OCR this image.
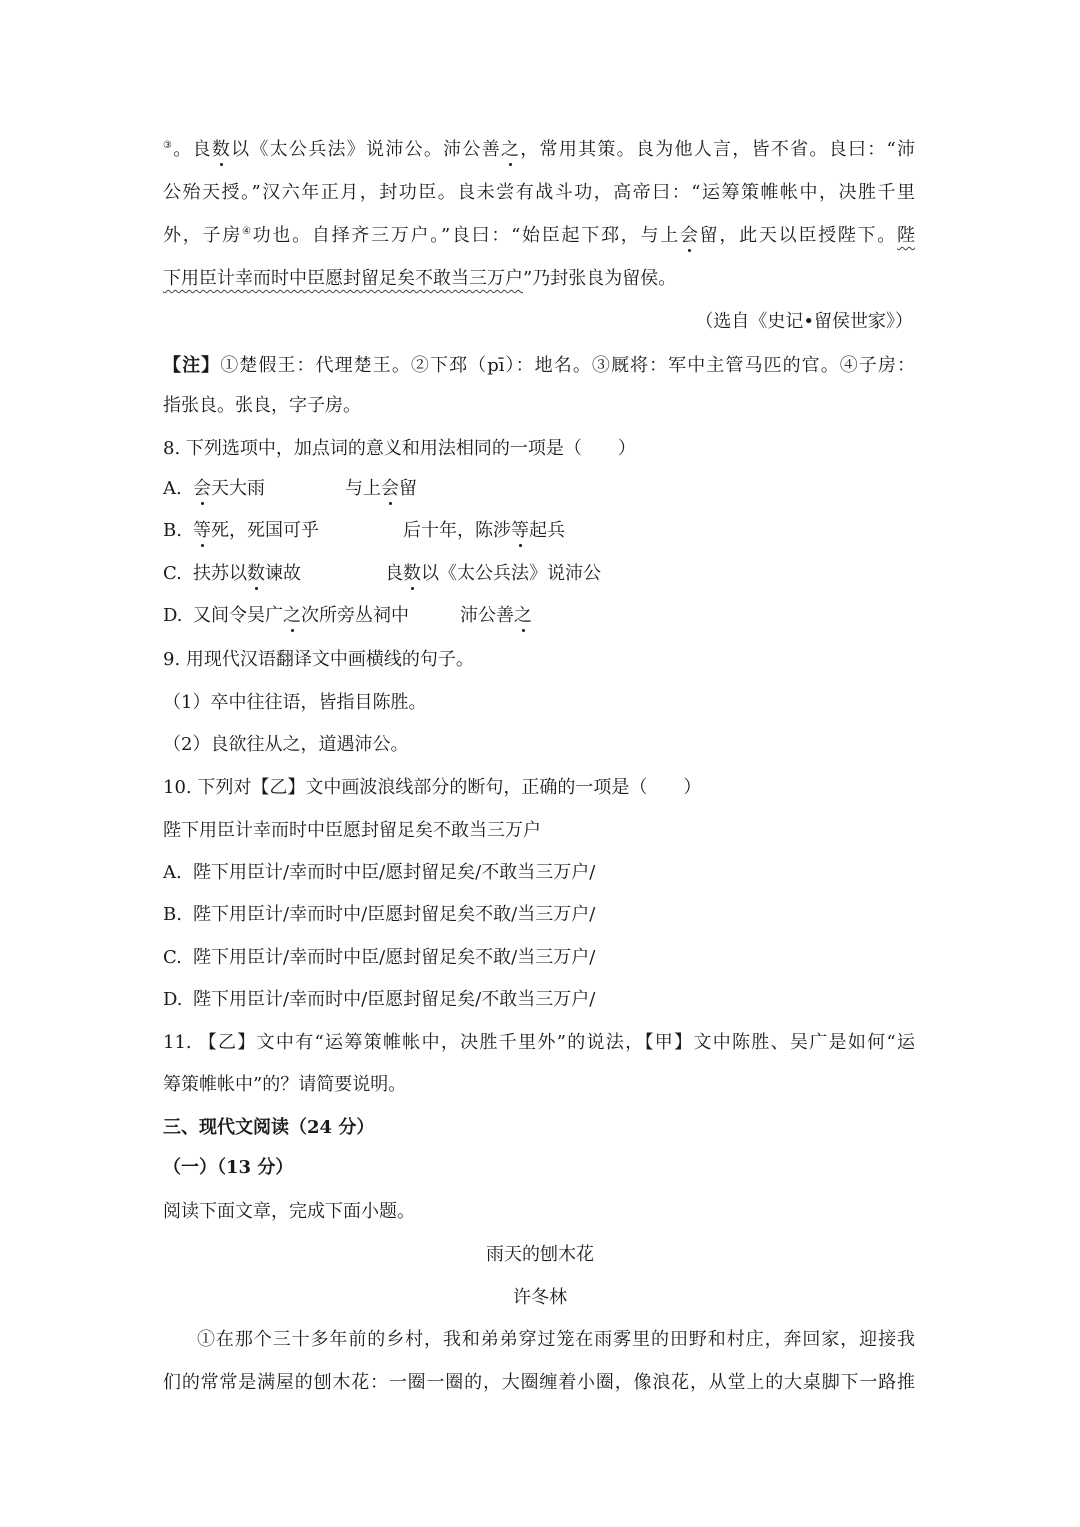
③。良数以《太公兵法》说沛公。沛公善之，常用其策。良为他人言，皆不省。良曰：“沛
公殆天授。”汉六年正月，封功臣。良未尝有战斗功，高帝曰：“运筹策帷帐中，决胜千里
外，子房④功也。自择齐三万户。”良曰：“始臣起下邳，与上会留，此天以臣授陛下。陛
下用臣计幸而时中臣愿封留足矣不敢当三万户”乃封张良为留侯。
（选自《史记•留侯世家》）
【注】①楚假王：代理楚王。②下邳（pī）：地名。③厩将：军中主管马匹的官。④子房：
指张良。张良，字子房。
8. 下列选项中，加点词的意义和用法相同的一项是（　　）
A. 会天大雨	与上会留
B. 等死，死国可乎	后十年，陈涉等起兵
C. 扶苏以数谏故	良数以《太公兵法》说沛公
D. 又间令吴广之次所旁丛祠中	沛公善之
9. 用现代汉语翻译文中画横线的句子。
（1）卒中往往语，皆指目陈胜。
（2）良欲往从之，道遇沛公。
10. 下列对【乙】文中画波浪线部分的断句，正确的一项是（　　）
陛下用臣计幸而时中臣愿封留足矣不敢当三万户
A. 陛下用臣计/幸而时中臣/愿封留足矣/不敢当三万户/
B. 陛下用臣计/幸而时中/臣愿封留足矣不敢/当三万户/
C. 陛下用臣计/幸而时中臣/愿封留足矣不敢/当三万户/
D. 陛下用臣计/幸而时中/臣愿封留足矣/不敢当三万户/
11. 【乙】文中有“运筹策帷帐中，决胜千里外”的说法，【甲】文中陈胜、吴广是如何“运
筹策帷帐中”的？请简要说明。
三、现代文阅读（24 分）
（一）（13 分）
阅读下面文章，完成下面小题。
雨天的刨木花
许冬林
①在那个三十多年前的乡村，我和弟弟穿过笼在雨雾里的田野和村庄，奔回家，迎接我
们的常常是满屋的刨木花：一圈一圈的，大圈缠着小圈，像浪花，从堂上的大桌脚下一路推
